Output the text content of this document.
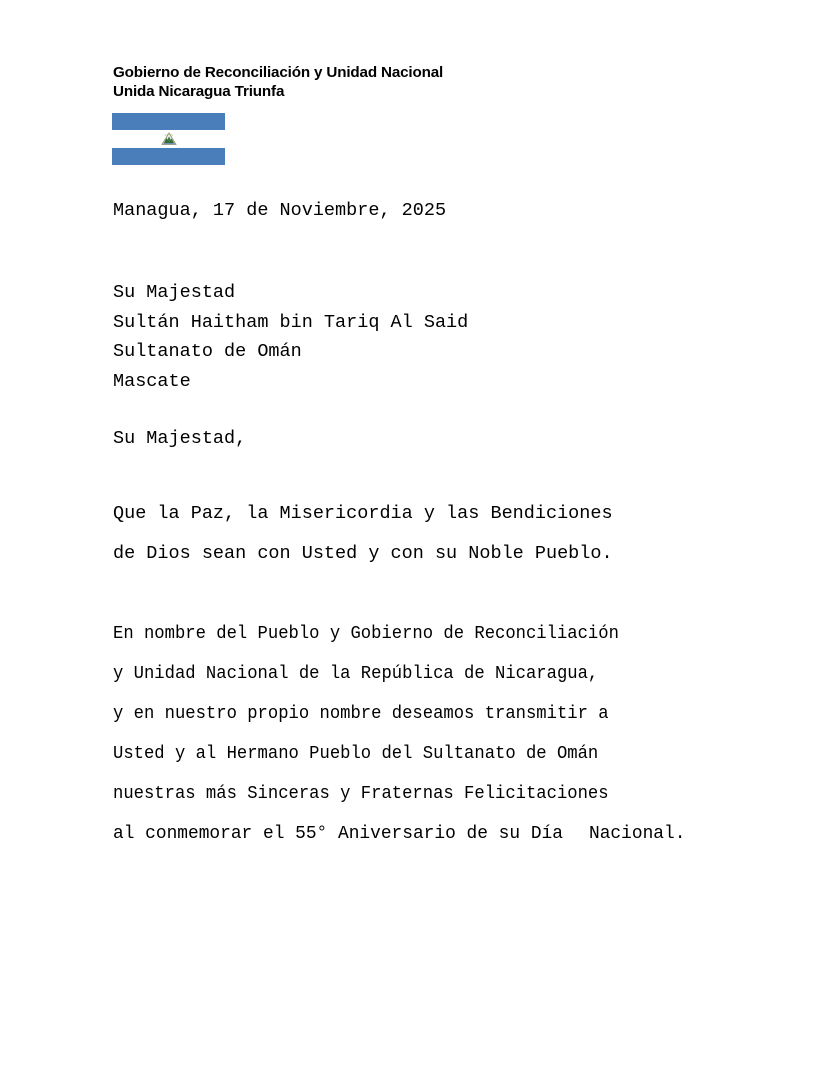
Gobierno de Reconciliación y Unidad Nacional
Unida Nicaragua Triunfa
Managua, 17 de Noviembre, 2025
Su Majestad
Sultán Haitham bin Tariq Al Said
Sultanato de Omán
Mascate
Su Majestad,
Que la Paz, la Misericordia y las Bendiciones
de Dios sean con Usted y con su Noble Pueblo.
En nombre del Pueblo y Gobierno de Reconciliación y Unidad Nacional de la República de Nicaragua, y en nuestro propio nombre deseamos transmitir a Usted y al Hermano Pueblo del Sultanato de Omán nuestras más Sinceras y Fraternas Felicitaciones al conmemorar el 55° Aniversario de su Día Nacional.
